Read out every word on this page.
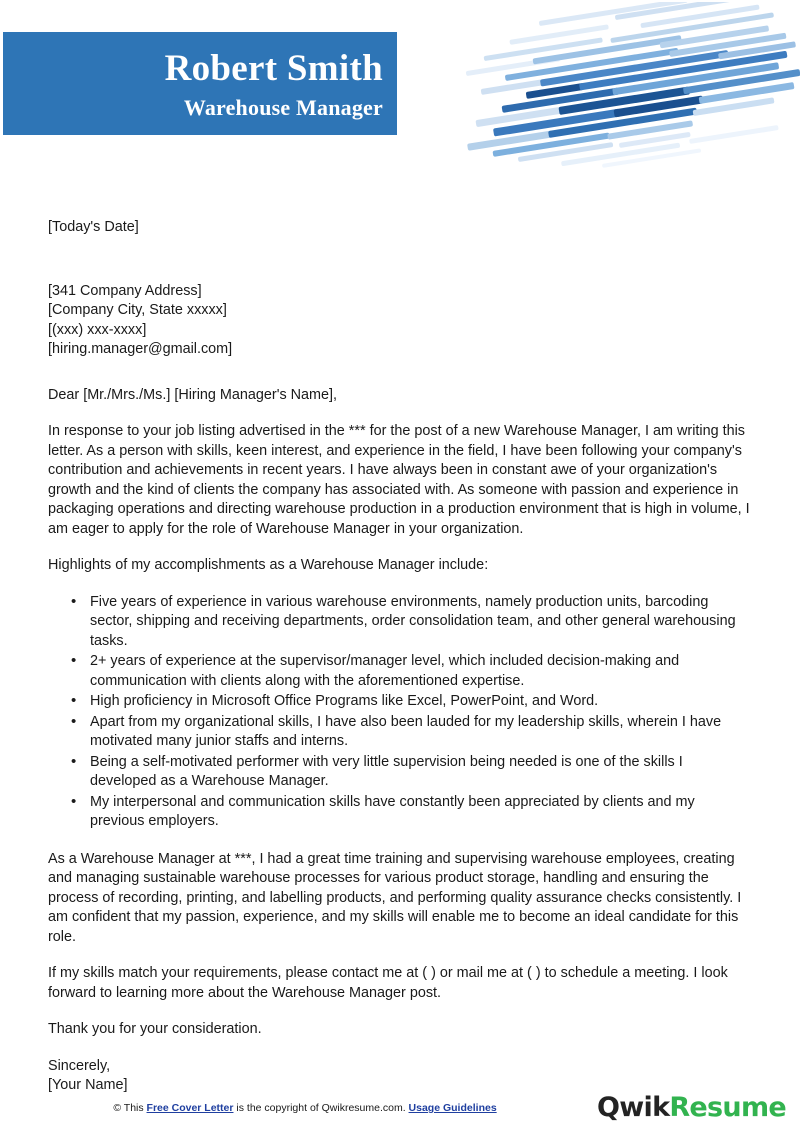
Robert Smith
Warehouse Manager

[Today's Date]

[341 Company Address]

[Company City, State xxxxx]

[(xxx) xxx-xxxx]

[hiring.manager@gmail.com]

Dear [Mr./Mrs./Ms.] [Hiring Manager's Name],

In response to your job listing advertised in the *** for the post of a new Warehouse Manager, I am writing this letter. As a person with skills, keen interest, and experience in the field, I have been following your company's contribution and achievements in recent years. I have always been in constant awe of your organization's growth and the kind of clients the company has associated with. As someone with passion and experience in packaging operations and directing warehouse production in a production environment that is high in volume, I am eager to apply for the role of Warehouse Manager in your organization.

Highlights of my accomplishments as a Warehouse Manager include:

• Five years of experience in various warehouse environments, namely production units, barcoding sector, shipping and receiving departments, order consolidation team, and other general warehousing tasks.
• 2+ years of experience at the supervisor/manager level, which included decision-making and communication with clients along with the aforementioned expertise.
• High proficiency in Microsoft Office Programs like Excel, PowerPoint, and Word.
• Apart from my organizational skills, I have also been lauded for my leadership skills, wherein I have motivated many junior staffs and interns.
• Being a self-motivated performer with very little supervision being needed is one of the skills I developed as a Warehouse Manager.
• My interpersonal and communication skills have constantly been appreciated by clients and my previous employers.

As a Warehouse Manager at ***, I had a great time training and supervising warehouse employees, creating and managing sustainable warehouse processes for various product storage, handling and ensuring the process of recording, printing, and labelling products, and performing quality assurance checks consistently. I am confident that my passion, experience, and my skills will enable me to become an ideal candidate for this role.

If my skills match your requirements, please contact me at ( ) or mail me at ( ) to schedule a meeting. I look forward to learning more about the Warehouse Manager post.

Thank you for your consideration.

Sincerely,
[Your Name]
© This Free Cover Letter is the copyright of Qwikresume.com. Usage Guidelines	QwikResume
